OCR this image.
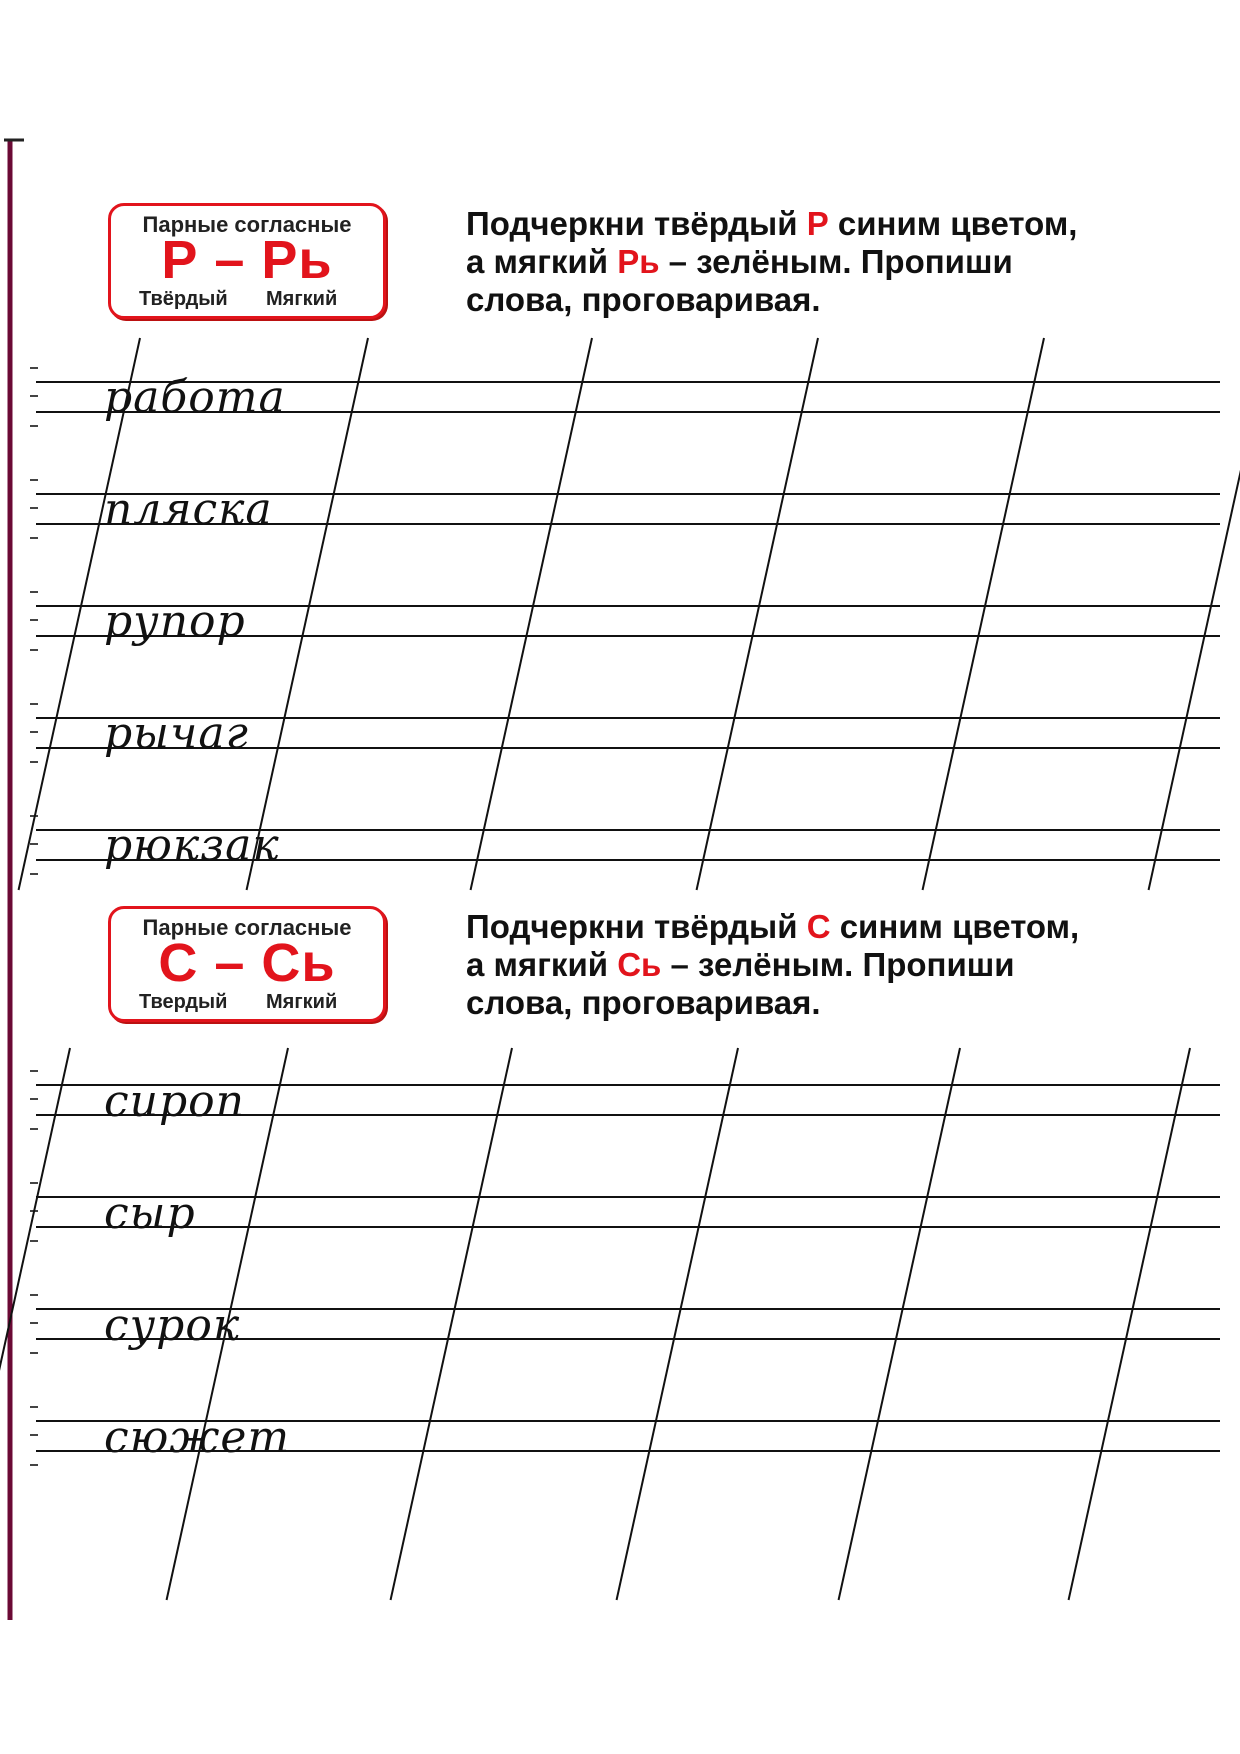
Парные согласные
Р – Рь
Твёрдый Мягкий
Подчеркни твёрдый Р синим цветом,
а мягкий Рь – зелёным. Пропиши
слова, проговаривая.
работа
пляска
рупор
рычаг
рюкзак
Парные согласные
С – Сь
Твердый Мягкий
Подчеркни твёрдый С синим цветом,
а мягкий Сь – зелёным. Пропиши
слова, проговаривая.
сироп
сыр
сурок
сюжет
